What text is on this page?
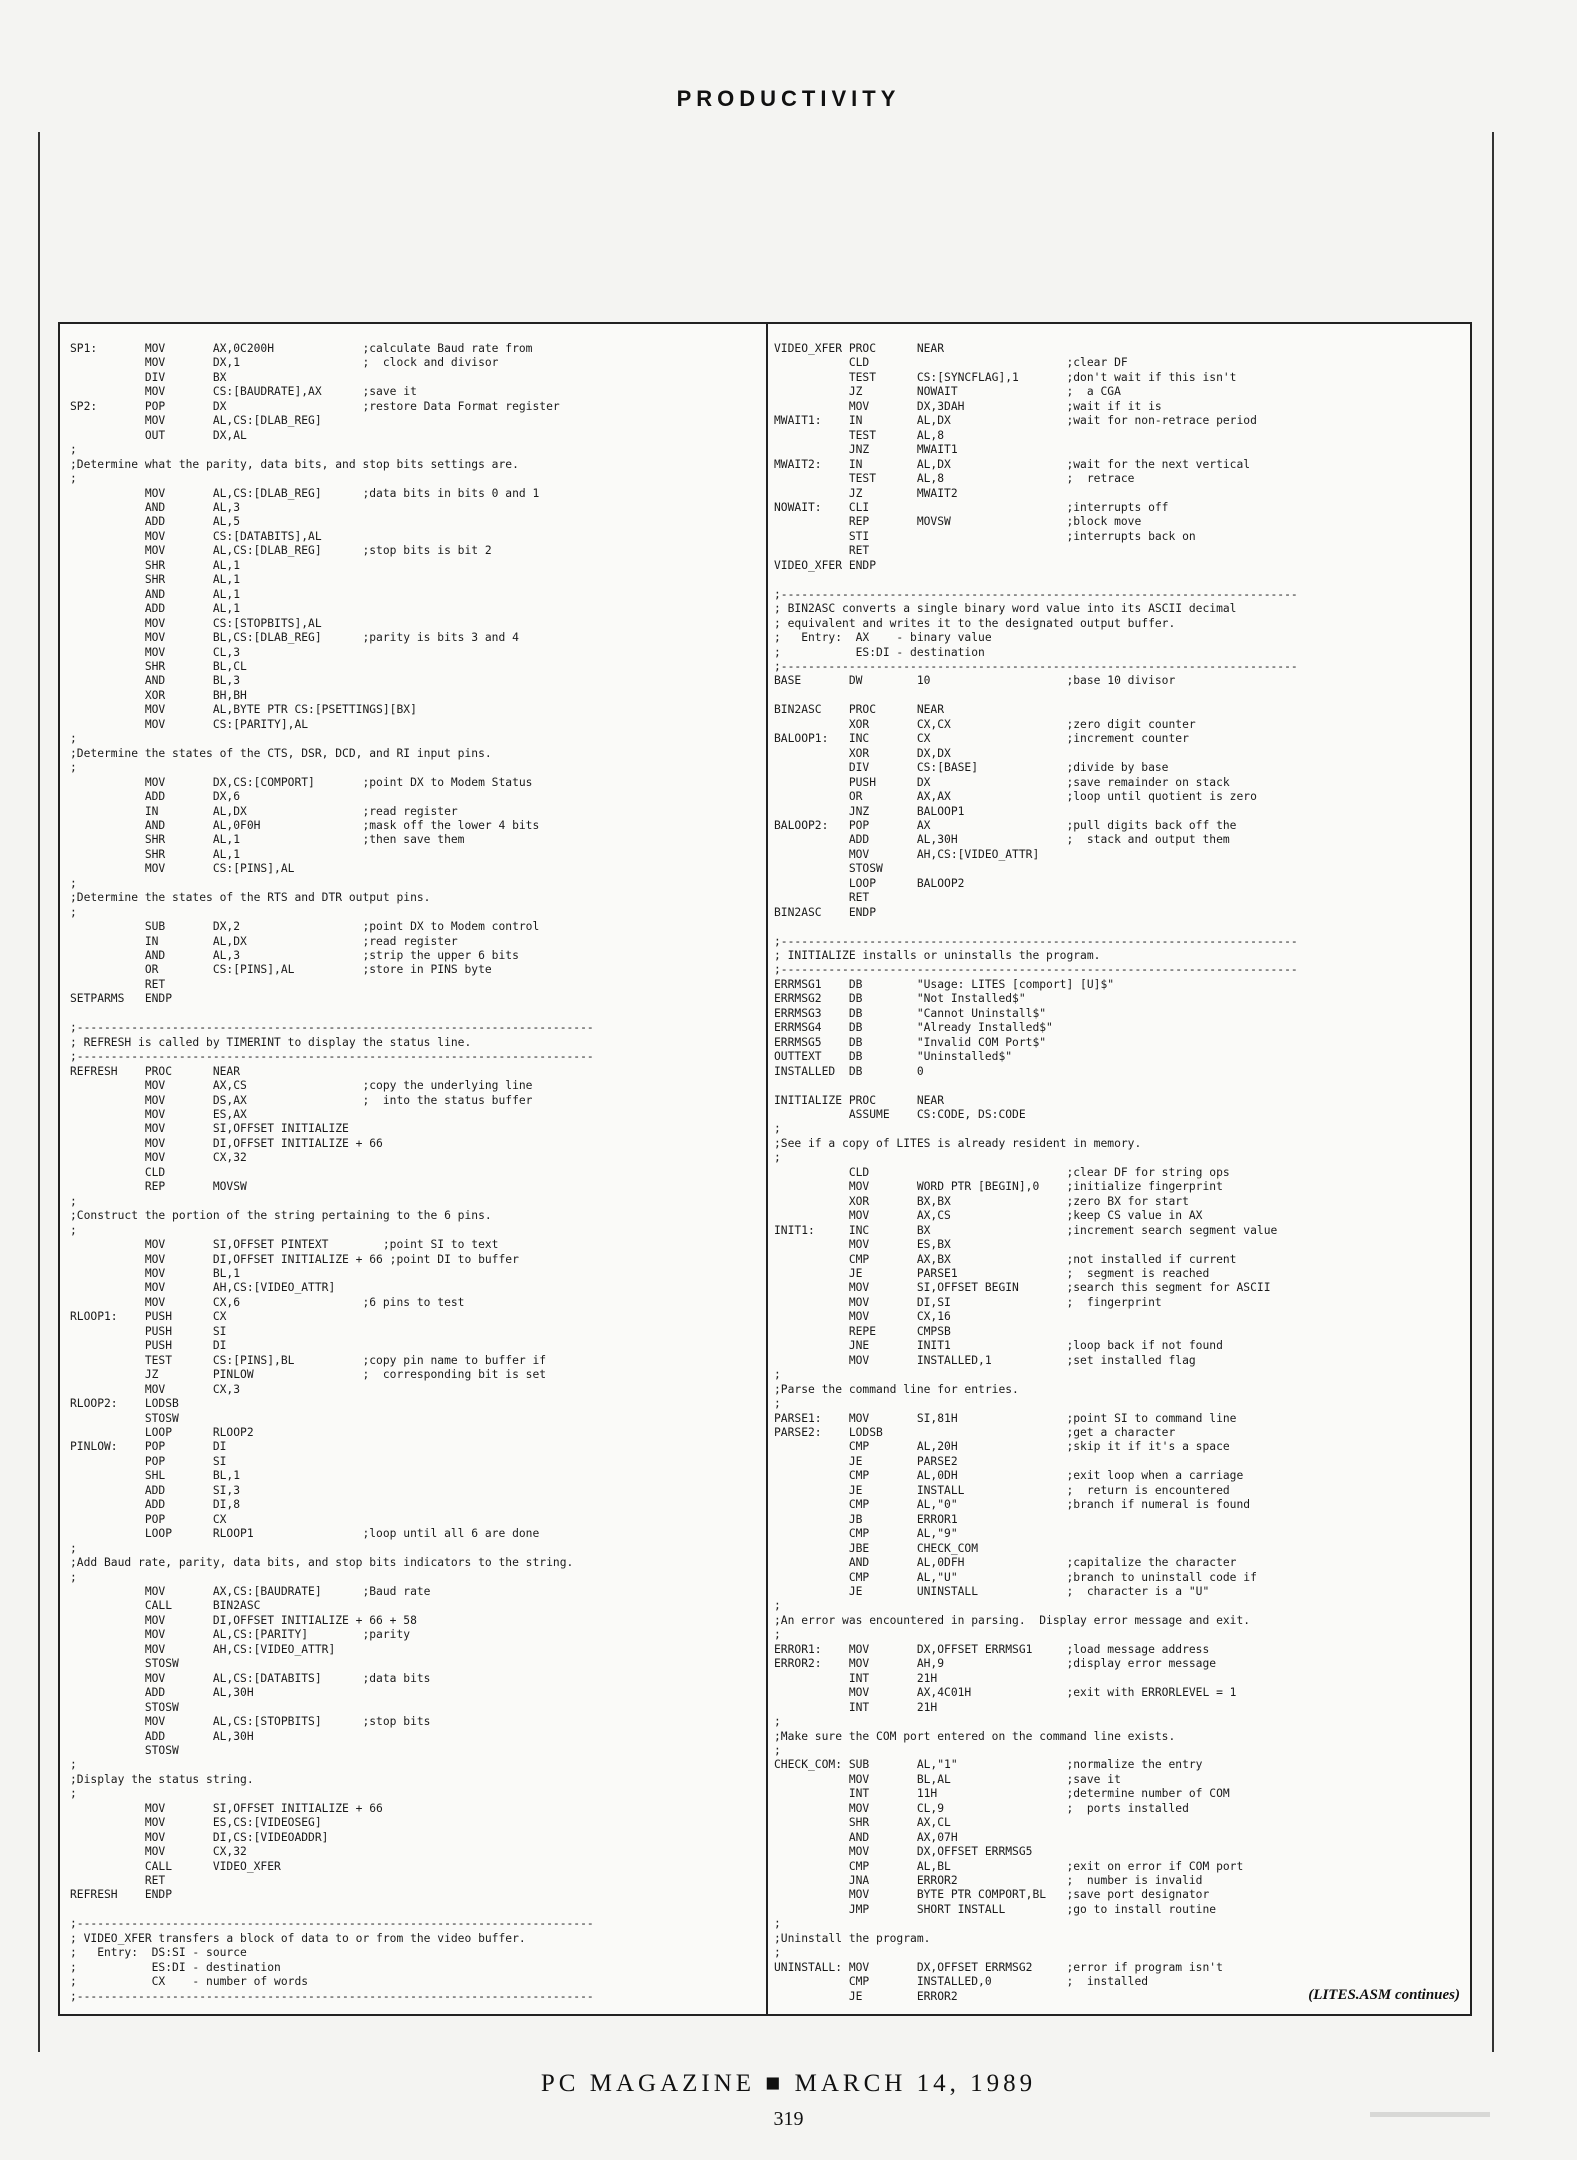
PRODUCTIVITY
SP1:       MOV       AX,0C200H             ;calculate Baud rate from
MOV       DX,1                  ;  clock and divisor
DIV       BX
MOV       CS:[BAUDRATE],AX      ;save it
SP2:       POP       DX                    ;restore Data Format register
MOV       AL,CS:[DLAB_REG]
OUT       DX,AL
;
;Determine what the parity, data bits, and stop bits settings are.
;
MOV       AL,CS:[DLAB_REG]      ;data bits in bits 0 and 1
AND       AL,3
ADD       AL,5
MOV       CS:[DATABITS],AL
MOV       AL,CS:[DLAB_REG]      ;stop bits is bit 2
SHR       AL,1
SHR       AL,1
AND       AL,1
ADD       AL,1
MOV       CS:[STOPBITS],AL
MOV       BL,CS:[DLAB_REG]      ;parity is bits 3 and 4
MOV       CL,3
SHR       BL,CL
AND       BL,3
XOR       BH,BH
MOV       AL,BYTE PTR CS:[PSETTINGS][BX]
MOV       CS:[PARITY],AL
;
;Determine the states of the CTS, DSR, DCD, and RI input pins.
;
MOV       DX,CS:[COMPORT]       ;point DX to Modem Status
ADD       DX,6
IN        AL,DX                 ;read register
AND       AL,0F0H               ;mask off the lower 4 bits
SHR       AL,1                  ;then save them
SHR       AL,1
MOV       CS:[PINS],AL
;
;Determine the states of the RTS and DTR output pins.
;
SUB       DX,2                  ;point DX to Modem control
IN        AL,DX                 ;read register
AND       AL,3                  ;strip the upper 6 bits
OR        CS:[PINS],AL          ;store in PINS byte
RET
SETPARMS   ENDP

;----------------------------------------------------------------------------
; REFRESH is called by TIMERINT to display the status line.
;----------------------------------------------------------------------------
REFRESH    PROC      NEAR
MOV       AX,CS                 ;copy the underlying line
MOV       DS,AX                 ;  into the status buffer
MOV       ES,AX
MOV       SI,OFFSET INITIALIZE
MOV       DI,OFFSET INITIALIZE + 66
MOV       CX,32
CLD
REP       MOVSW
;
;Construct the portion of the string pertaining to the 6 pins.
;
MOV       SI,OFFSET PINTEXT        ;point SI to text
MOV       DI,OFFSET INITIALIZE + 66 ;point DI to buffer
MOV       BL,1
MOV       AH,CS:[VIDEO_ATTR]
MOV       CX,6                  ;6 pins to test
RLOOP1:    PUSH      CX
PUSH      SI
PUSH      DI
TEST      CS:[PINS],BL          ;copy pin name to buffer if
JZ        PINLOW                ;  corresponding bit is set
MOV       CX,3
RLOOP2:    LODSB
STOSW
LOOP      RLOOP2
PINLOW:    POP       DI
POP       SI
SHL       BL,1
ADD       SI,3
ADD       DI,8
POP       CX
LOOP      RLOOP1                ;loop until all 6 are done
;
;Add Baud rate, parity, data bits, and stop bits indicators to the string.
;
MOV       AX,CS:[BAUDRATE]      ;Baud rate
CALL      BIN2ASC
MOV       DI,OFFSET INITIALIZE + 66 + 58
MOV       AL,CS:[PARITY]        ;parity
MOV       AH,CS:[VIDEO_ATTR]
STOSW
MOV       AL,CS:[DATABITS]      ;data bits
ADD       AL,30H
STOSW
MOV       AL,CS:[STOPBITS]      ;stop bits
ADD       AL,30H
STOSW
;
;Display the status string.
;
MOV       SI,OFFSET INITIALIZE + 66
MOV       ES,CS:[VIDEOSEG]
MOV       DI,CS:[VIDEOADDR]
MOV       CX,32
CALL      VIDEO_XFER
RET
REFRESH    ENDP

;----------------------------------------------------------------------------
; VIDEO_XFER transfers a block of data to or from the video buffer.
;   Entry:  DS:SI - source
;           ES:DI - destination
;           CX    - number of words
;----------------------------------------------------------------------------
VIDEO_XFER PROC      NEAR
CLD                             ;clear DF
TEST      CS:[SYNCFLAG],1       ;don't wait if this isn't
JZ        NOWAIT                ;  a CGA
MOV       DX,3DAH               ;wait if it is
MWAIT1:    IN        AL,DX                 ;wait for non-retrace period
TEST      AL,8
JNZ       MWAIT1
MWAIT2:    IN        AL,DX                 ;wait for the next vertical
TEST      AL,8                  ;  retrace
JZ        MWAIT2
NOWAIT:    CLI                             ;interrupts off
REP       MOVSW                 ;block move
STI                             ;interrupts back on
RET
VIDEO_XFER ENDP

;----------------------------------------------------------------------------
; BIN2ASC converts a single binary word value into its ASCII decimal
; equivalent and writes it to the designated output buffer.
;   Entry:  AX    - binary value
;           ES:DI - destination
;----------------------------------------------------------------------------
BASE       DW        10                    ;base 10 divisor

BIN2ASC    PROC      NEAR
XOR       CX,CX                 ;zero digit counter
BALOOP1:   INC       CX                    ;increment counter
XOR       DX,DX
DIV       CS:[BASE]             ;divide by base
PUSH      DX                    ;save remainder on stack
OR        AX,AX                 ;loop until quotient is zero
JNZ       BALOOP1
BALOOP2:   POP       AX                    ;pull digits back off the
ADD       AL,30H                ;  stack and output them
MOV       AH,CS:[VIDEO_ATTR]
STOSW
LOOP      BALOOP2
RET
BIN2ASC    ENDP

;----------------------------------------------------------------------------
; INITIALIZE installs or uninstalls the program.
;----------------------------------------------------------------------------
ERRMSG1    DB        "Usage: LITES [comport] [U]$"
ERRMSG2    DB        "Not Installed$"
ERRMSG3    DB        "Cannot Uninstall$"
ERRMSG4    DB        "Already Installed$"
ERRMSG5    DB        "Invalid COM Port$"
OUTTEXT    DB        "Uninstalled$"
INSTALLED  DB        0

INITIALIZE PROC      NEAR
ASSUME    CS:CODE, DS:CODE
;
;See if a copy of LITES is already resident in memory.
;
CLD                             ;clear DF for string ops
MOV       WORD PTR [BEGIN],0    ;initialize fingerprint
XOR       BX,BX                 ;zero BX for start
MOV       AX,CS                 ;keep CS value in AX
INIT1:     INC       BX                    ;increment search segment value
MOV       ES,BX
CMP       AX,BX                 ;not installed if current
JE        PARSE1                ;  segment is reached
MOV       SI,OFFSET BEGIN       ;search this segment for ASCII
MOV       DI,SI                 ;  fingerprint
MOV       CX,16
REPE      CMPSB
JNE       INIT1                 ;loop back if not found
MOV       INSTALLED,1           ;set installed flag
;
;Parse the command line for entries.
;
PARSE1:    MOV       SI,81H                ;point SI to command line
PARSE2:    LODSB                           ;get a character
CMP       AL,20H                ;skip it if it's a space
JE        PARSE2
CMP       AL,0DH                ;exit loop when a carriage
JE        INSTALL               ;  return is encountered
CMP       AL,"0"                ;branch if numeral is found
JB        ERROR1
CMP       AL,"9"
JBE       CHECK_COM
AND       AL,0DFH               ;capitalize the character
CMP       AL,"U"                ;branch to uninstall code if
JE        UNINSTALL             ;  character is a "U"
;
;An error was encountered in parsing.  Display error message and exit.
;
ERROR1:    MOV       DX,OFFSET ERRMSG1     ;load message address
ERROR2:    MOV       AH,9                  ;display error message
INT       21H
MOV       AX,4C01H              ;exit with ERRORLEVEL = 1
INT       21H
;
;Make sure the COM port entered on the command line exists.
;
CHECK_COM: SUB       AL,"1"                ;normalize the entry
MOV       BL,AL                 ;save it
INT       11H                   ;determine number of COM
MOV       CL,9                  ;  ports installed
SHR       AX,CL
AND       AX,07H
MOV       DX,OFFSET ERRMSG5
CMP       AL,BL                 ;exit on error if COM port
JNA       ERROR2                ;  number is invalid
MOV       BYTE PTR COMPORT,BL   ;save port designator
JMP       SHORT INSTALL         ;go to install routine
;
;Uninstall the program.
;
UNINSTALL: MOV       DX,OFFSET ERRMSG2     ;error if program isn't
CMP       INSTALLED,0           ;  installed
JE        ERROR2	(LITES.ASM continues)
PC MAGAZINE ■ MARCH 14, 1989
319
